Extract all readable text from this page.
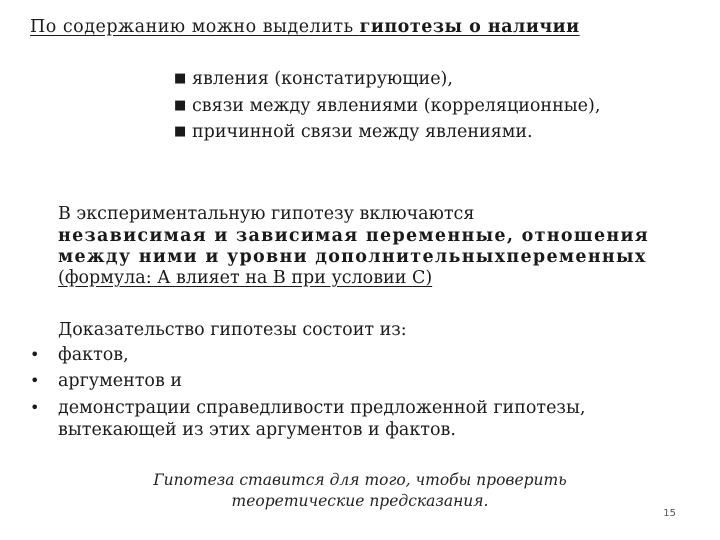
По содержанию можно выделить гипотезы о наличии
■ явления (констатирующие),
■ связи между явлениями (корреляционные),
■ причинной связи между явлениями.
В экспериментальную гипотезу включаются
независимая и зависимая переменные, отношения
между ними и уровни дополнительныхпеременных
(формула: А влияет на В при условии С)
Доказательство гипотезы состоит из:
• фактов,
• аргументов и
• демонстрации справедливости предложенной гипотезы,
вытекающей из этих аргументов и фактов.
Гипотеза ставится для того, чтобы проверить
теоретические предсказания.
15
